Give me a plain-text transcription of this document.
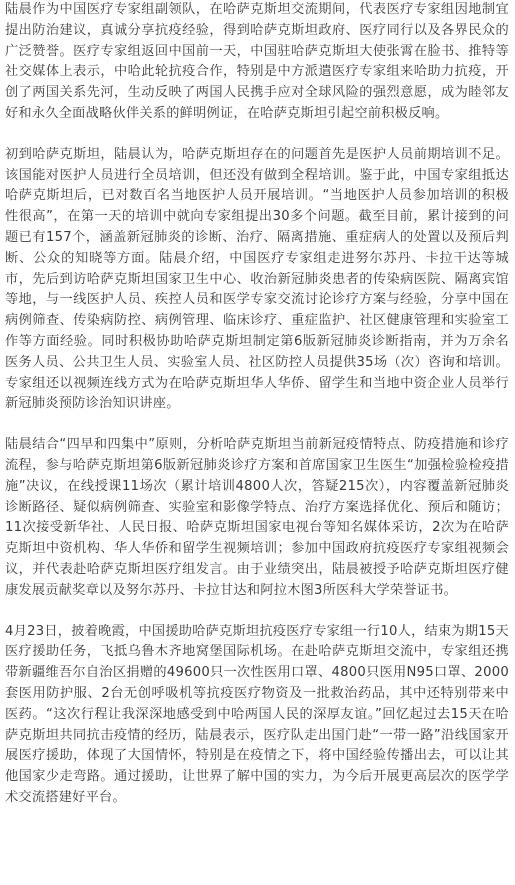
陆晨作为中国医疗专家组副领队，在哈萨克斯坦交流期间，代表医疗专家组因地制宜提出防治建议，真诚分享抗疫经验，得到哈萨克斯坦政府、医疗同行以及各界民众的广泛赞誉。医疗专家组返回中国前一天，中国驻哈萨克斯坦大使张霄在脸书、推特等社交媒体上表示，中哈此轮抗疫合作，特别是中方派遣医疗专家组来哈助力抗疫，开创了两国关系先河，生动反映了两国人民携手应对全球风险的强烈意愿，成为睦邻友好和永久全面战略伙伴关系的鲜明例证，在哈萨克斯坦引起空前积极反响。

初到哈萨克斯坦，陆晨认为，哈萨克斯坦存在的问题首先是医护人员前期培训不足。该国能对医护人员进行全员培训，但还没有做到全程培训。鉴于此，中国专家组抵达哈萨克斯坦后，已对数百名当地医护人员开展培训。“当地医护人员参加培训的积极性很高”，在第一天的培训中就向专家组提出30多个问题。截至目前，累计接到的问题已有157个，涵盖新冠肺炎的诊断、治疗、隔离措施、重症病人的处置以及预后判断、公众的知晓等方面。陆晨介绍，中国医疗专家组走进努尔苏丹、卡拉干达等城市，先后到访哈萨克斯坦国家卫生中心、收治新冠肺炎患者的传染病医院、隔离宾馆等地，与一线医护人员、疾控人员和医学专家交流讨论诊疗方案与经验，分享中国在病例筛查、传染病防控、病例管理、临床诊疗、重症监护、社区健康管理和实验室工作等方面经验。同时积极协助哈萨克斯坦制定第6版新冠肺炎诊断指南，并为万余名医务人员、公共卫生人员、实验室人员、社区防控人员提供35场（次）咨询和培训。专家组还以视频连线方式为在哈萨克斯坦华人华侨、留学生和当地中资企业人员举行新冠肺炎预防诊治知识讲座。

陆晨结合“四早和四集中”原则，分析哈萨克斯坦当前新冠疫情特点、防疫措施和诊疗流程，参与哈萨克斯坦第6版新冠肺炎诊疗方案和首席国家卫生医生“加强检验检疫措施”决议，在线授课11场次（累计培训4800人次，答疑215次），内容覆盖新冠肺炎诊断路径、疑似病例筛查、实验室和影像学特点、治疗方案选择优化、预后和随访；11次接受新华社、人民日报、哈萨克斯坦国家电视台等知名媒体采访，2次为在哈萨克斯坦中资机构、华人华侨和留学生视频培训；参加中国政府抗疫医疗专家组视频会议，并代表赴哈萨克斯坦医疗组发言。由于业绩突出，陆晨被授予哈萨克斯坦医疗健康发展贡献奖章以及努尔苏丹、卡拉甘达和阿拉木图3所医科大学荣誉证书。

4月23日，披着晚霞，中国援助哈萨克斯坦抗疫医疗专家组一行10人，结束为期15天医疗援助任务，飞抵乌鲁木齐地窝堡国际机场。在赴哈萨克斯坦交流中，专家组还携带新疆维吾尔自治区捐赠的49600只一次性医用口罩、4800只医用N95口罩、2000套医用防护服、2台无创呼吸机等抗疫医疗物资及一批救治药品，其中还特别带来中医药。“这次行程让我深深地感受到中哈两国人民的深厚友谊。”回忆起过去15天在哈萨克斯坦共同抗击疫情的经历，陆晨表示，医疗队走出国门赴“一带一路”沿线国家开展医疗援助，体现了大国情怀，特别是在疫情之下，将中国经验传播出去，可以让其他国家少走弯路。通过援助，让世界了解中国的实力，为今后开展更高层次的医学学术交流搭建好平台。
